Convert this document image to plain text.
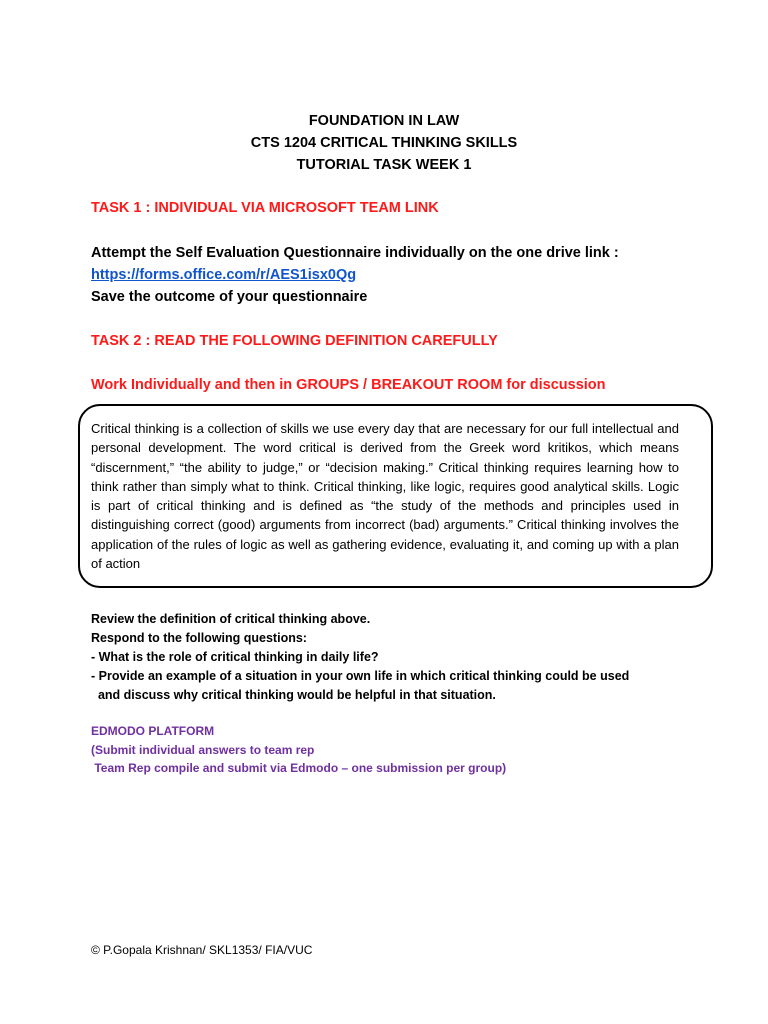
FOUNDATION IN LAW
CTS 1204 CRITICAL THINKING SKILLS
TUTORIAL TASK WEEK 1
TASK 1 : INDIVIDUAL VIA MICROSOFT TEAM LINK
Attempt the Self Evaluation Questionnaire individually on the one drive link :
https://forms.office.com/r/AES1isx0Qg
Save the outcome of your questionnaire
TASK 2 : READ THE FOLLOWING DEFINITION CAREFULLY
Work Individually and then in GROUPS / BREAKOUT ROOM for discussion
Critical thinking is a collection of skills we use every day that are necessary for our full intellectual and personal development. The word critical is derived from the Greek word kritikos, which means “discernment,” “the ability to judge,” or “decision making.” Critical thinking requires learning how to think rather than simply what to think. Critical thinking, like logic, requires good analytical skills. Logic is part of critical thinking and is defined as “the study of the methods and principles used in distinguishing correct (good) arguments from incorrect (bad) arguments.” Critical thinking involves the application of the rules of logic as well as gathering evidence, evaluating it, and coming up with a plan of action
Review the definition of critical thinking above.
Respond to the following questions:
- What is the role of critical thinking in daily life?
- Provide an example of a situation in your own life in which critical thinking could be used
and discuss why critical thinking would be helpful in that situation.
EDMODO PLATFORM
(Submit individual answers to team rep
Team Rep compile and submit via Edmodo – one submission per group)
© P.Gopala Krishnan/ SKL1353/ FIA/VUC
